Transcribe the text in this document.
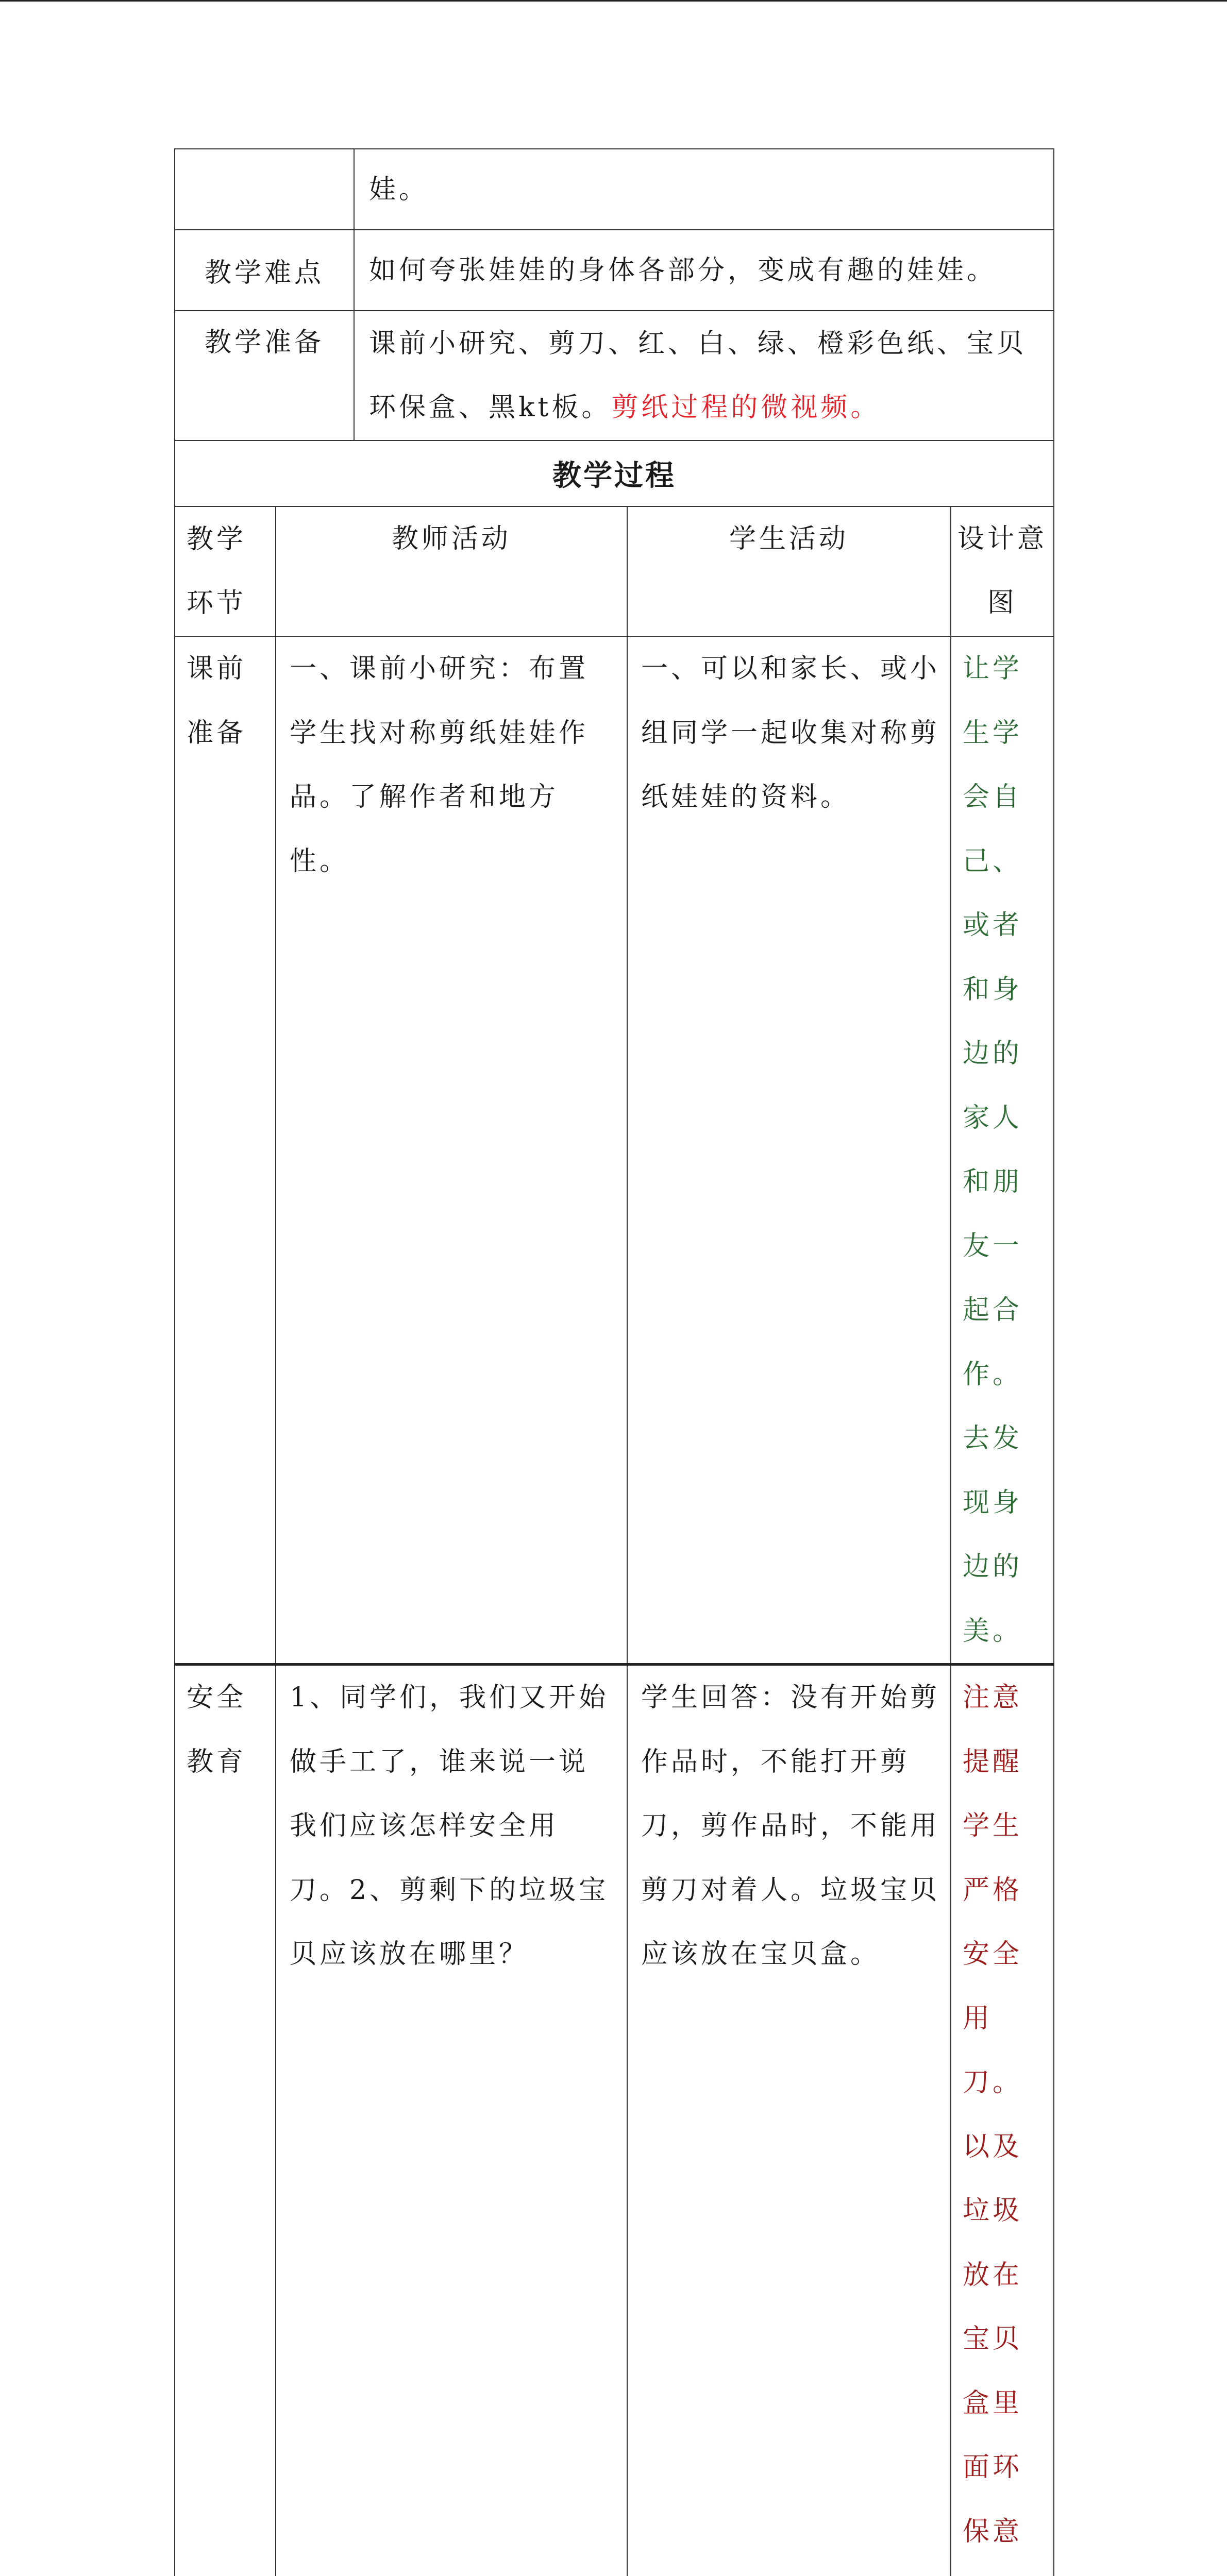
		娃。		
教学难点		如何夸张娃娃的身体各部分，变成有趣的娃娃。		
教学准备		课前小研究、剪刀、红、白、绿、橙彩色纸、宝贝环保盒、黑kt板。剪纸过程的微视频。		
教学过程				
教学环节	教师活动		学生活动	设计意图
课前准备	一、课前小研究：布置学生找对称剪纸娃娃作品。了解作者和地方性。		一、可以和家长、或小组同学一起收集对称剪纸娃娃的资料。	让学生学会自己、或者和身边的家人和朋友一起合作。去发现身边的美。
安全教育	1、同学们，我们又开始做手工了，谁来说一说我们应该怎样安全用刀。2、剪剩下的垃圾宝贝应该放在哪里？		学生回答：没有开始剪作品时，不能打开剪刀，剪作品时，不能用剪刀对着人。垃圾宝贝应该放在宝贝盒。	注意提醒学生严格安全用刀。以及垃圾放在宝贝盒里面环保意
